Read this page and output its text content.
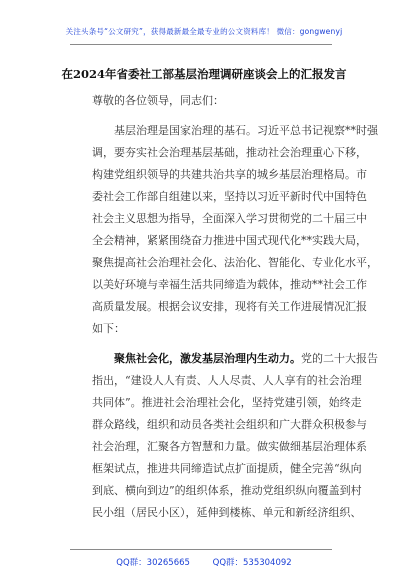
关注头条号“公文研究”，获得最新最全最专业的公文资料库！ 微信：gongwenyj
在2024年省委社工部基层治理调研座谈会上的汇报发言
尊敬的各位领导，同志们：
基层治理是国家治理的基石。习近平总书记视察**时强
调，要夯实社会治理基层基础，推动社会治理重心下移，
构建党组织领导的共建共治共享的城乡基层治理格局。市
委社会工作部自组建以来，坚持以习近平新时代中国特色
社会主义思想为指导，全面深入学习贯彻党的二十届三中
全会精神，紧紧围绕奋力推进中国式现代化**实践大局，
聚焦提高社会治理社会化、法治化、智能化、专业化水平，
以美好环境与幸福生活共同缔造为载体，推动**社会工作
高质量发展。根据会议安排，现将有关工作进展情况汇报
如下：
聚焦社会化，激发基层治理内生动力。党的二十大报告
指出，“建设人人有责、人人尽责、人人享有的社会治理
共同体”。推进社会治理社会化，坚持党建引领，始终走
群众路线，组织和动员各类社会组织和广大群众积极参与
社会治理，汇聚各方智慧和力量。做实做细基层治理体系
框架试点，推进共同缔造试点扩面提质，健全完善“纵向
到底、横向到边”的组织体系，推动党组织纵向覆盖到村
民小组（居民小区），延伸到楼栋、单元和新经济组织、
QQ群：30265665	QQ群：535304092
